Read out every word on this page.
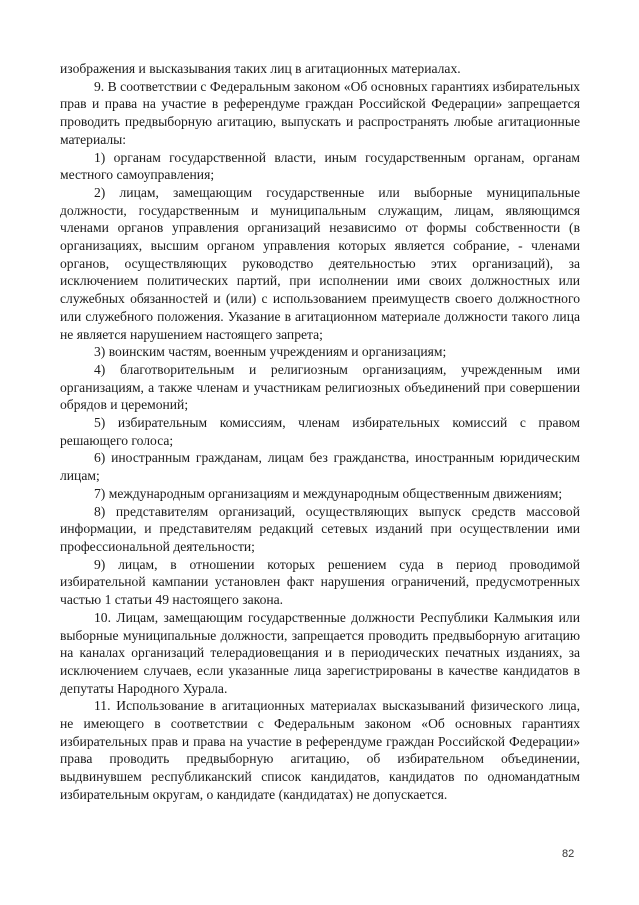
изображения и высказывания таких лиц в агитационных материалах.

9. В соответствии с Федеральным законом «Об основных гарантиях избирательных прав и права на участие в референдуме граждан Российской Федерации» запрещается проводить предвыборную агитацию, выпускать и распространять любые агитационные материалы:

1) органам государственной власти, иным государственным органам, органам местного самоуправления;

2) лицам, замещающим государственные или выборные муниципальные должности, государственным и муниципальным служащим, лицам, являющимся членами органов управления организаций независимо от формы собственности (в организациях, высшим органом управления которых является собрание, - членами органов, осуществляющих руководство деятельностью этих организаций), за исключением политических партий, при исполнении ими своих должностных или служебных обязанностей и (или) с использованием преимуществ своего должностного или служебного положения. Указание в агитационном материале должности такого лица не является нарушением настоящего запрета;

3) воинским частям, военным учреждениям и организациям;

4) благотворительным и религиозным организациям, учрежденным ими организациям, а также членам и участникам религиозных объединений при совершении обрядов и церемоний;

5) избирательным комиссиям, членам избирательных комиссий с правом решающего голоса;

6) иностранным гражданам, лицам без гражданства, иностранным юридическим лицам;

7) международным организациям и международным общественным движениям;

8) представителям организаций, осуществляющих выпуск средств массовой информации, и представителям редакций сетевых изданий при осуществлении ими профессиональной деятельности;

9) лицам, в отношении которых решением суда в период проводимой избирательной кампании установлен факт нарушения ограничений, предусмотренных частью 1 статьи 49 настоящего закона.

10. Лицам, замещающим государственные должности Республики Калмыкия или выборные муниципальные должности, запрещается проводить предвыборную агитацию на каналах организаций телерадиовещания и в периодических печатных изданиях, за исключением случаев, если указанные лица зарегистрированы в качестве кандидатов в депутаты Народного Хурала.

11. Использование в агитационных материалах высказываний физического лица, не имеющего в соответствии с Федеральным законом «Об основных гарантиях избирательных прав и права на участие в референдуме граждан Российской Федерации» права проводить предвыборную агитацию, об избирательном объединении, выдвинувшем республиканский список кандидатов, кандидатов по одномандатным избирательным округам, о кандидате (кандидатах) не допускается.

82
